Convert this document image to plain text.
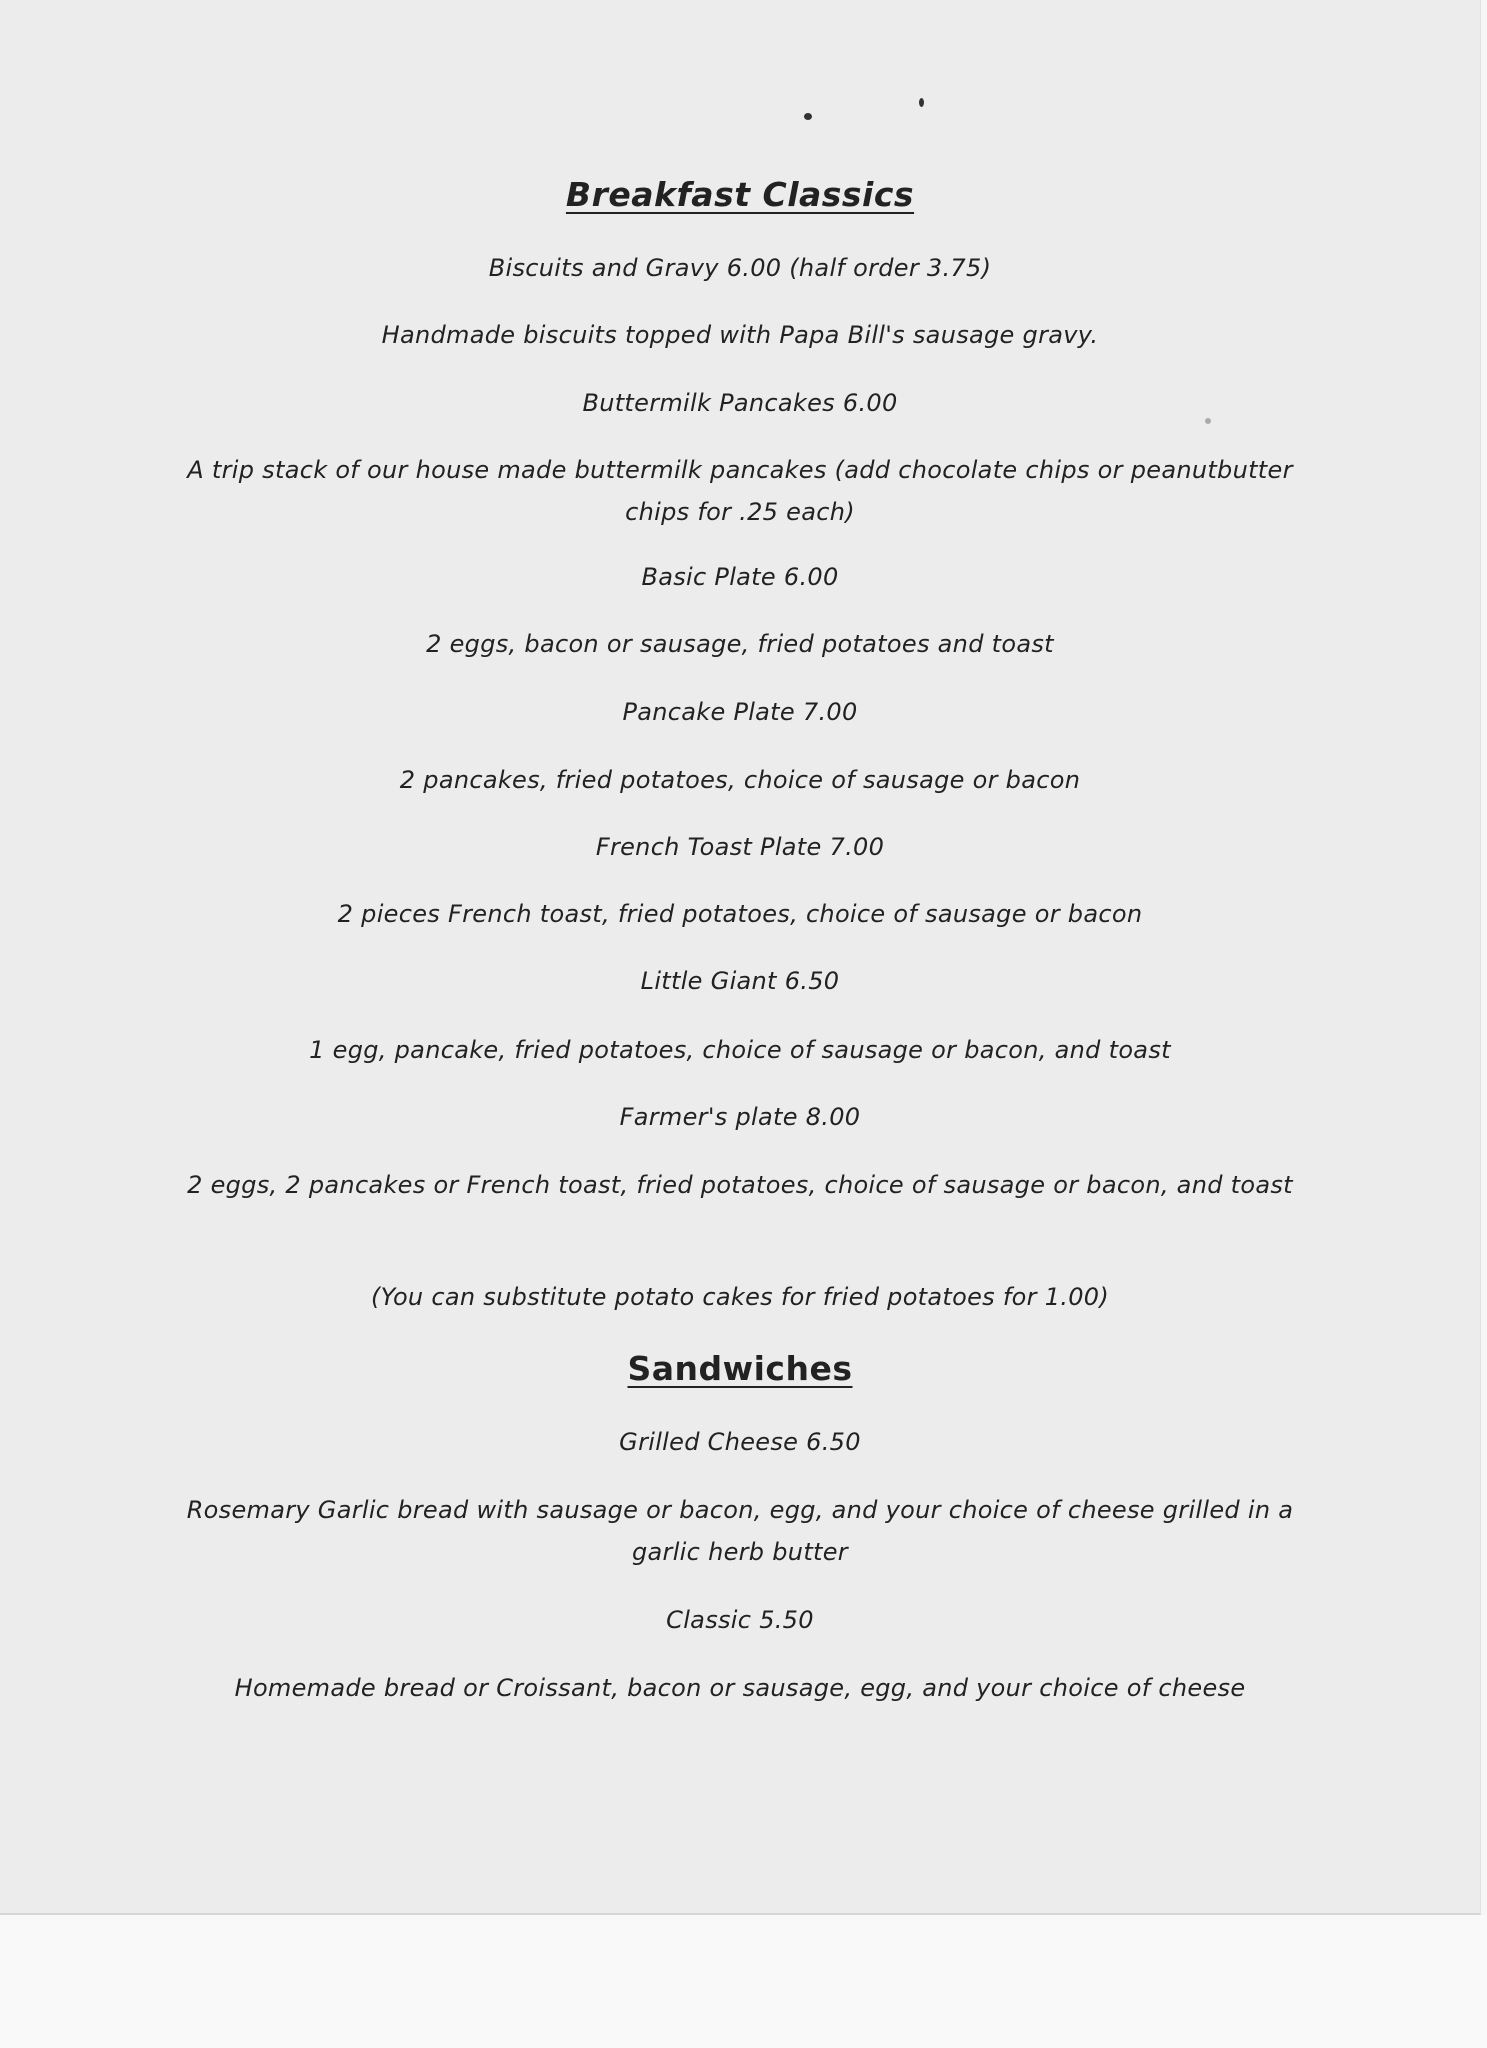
Breakfast Classics
Biscuits and Gravy 6.00 (half order 3.75)
Handmade biscuits topped with Papa Bill's sausage gravy.
Buttermilk Pancakes 6.00
A trip stack of our house made buttermilk pancakes (add chocolate chips or peanutbutter chips for .25 each)
Basic Plate 6.00
2 eggs, bacon or sausage, fried potatoes and toast
Pancake Plate 7.00
2 pancakes, fried potatoes, choice of sausage or bacon
French Toast Plate 7.00
2 pieces French toast, fried potatoes, choice of sausage or bacon
Little Giant 6.50
1 egg, pancake, fried potatoes, choice of sausage or bacon, and toast
Farmer's plate 8.00
2 eggs, 2 pancakes or French toast, fried potatoes, choice of sausage or bacon, and toast
(You can substitute potato cakes for fried potatoes for 1.00)
Sandwiches
Grilled Cheese 6.50
Rosemary Garlic bread with sausage or bacon, egg, and your choice of cheese grilled in a garlic herb butter
Classic 5.50
Homemade bread or Croissant, bacon or sausage, egg, and your choice of cheese
